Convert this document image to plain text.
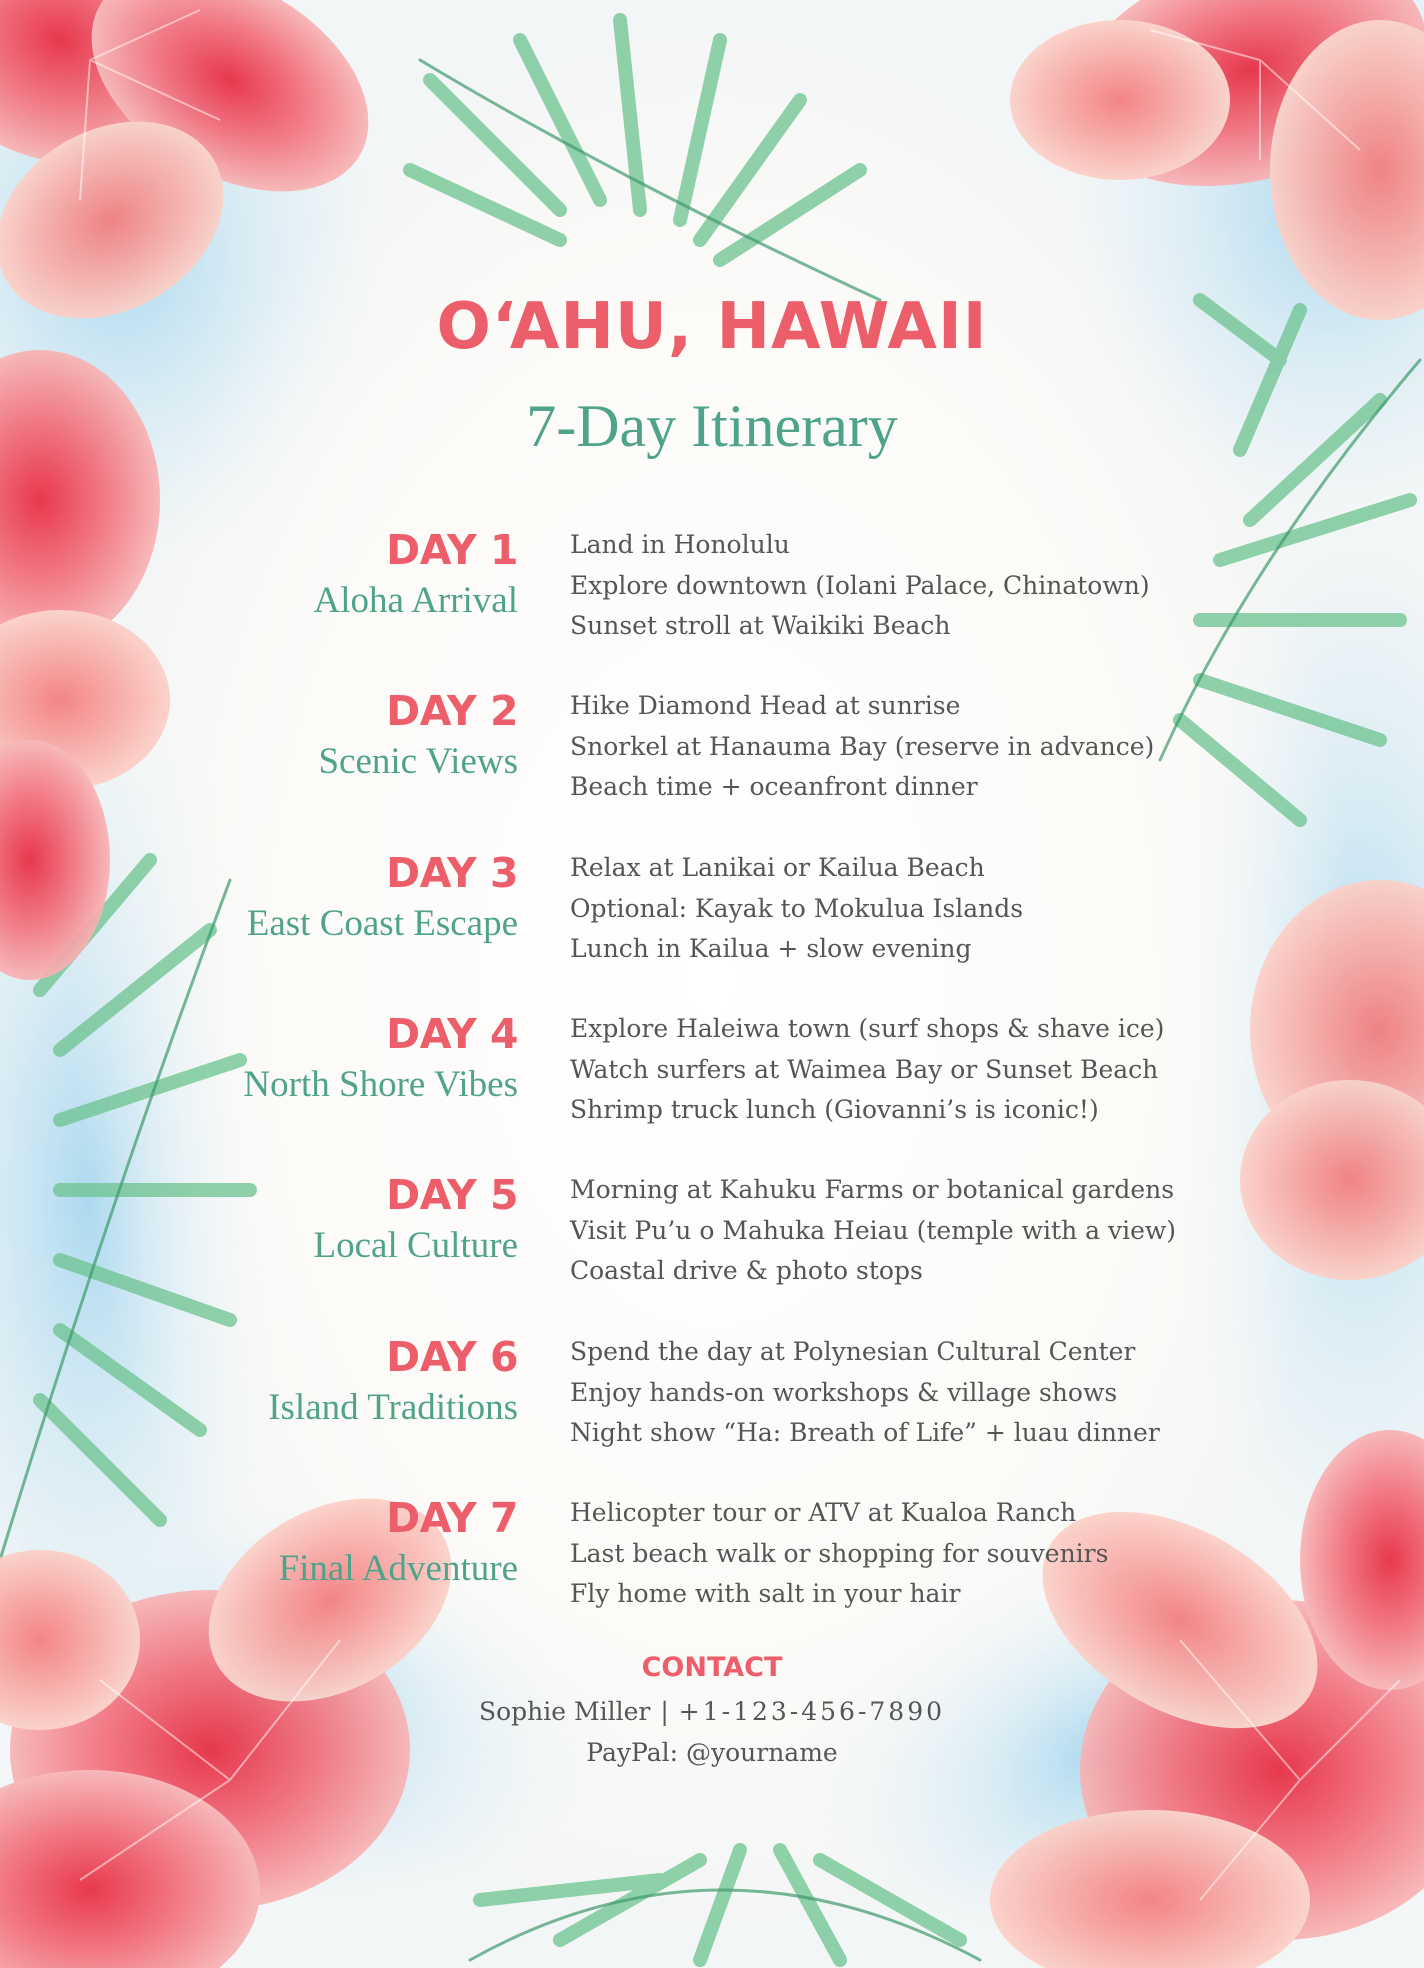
O‘AHU, HAWAII
7-Day Itinerary
DAY 1
Aloha Arrival
Land in Honolulu
Explore downtown (Iolani Palace, Chinatown)
Sunset stroll at Waikiki Beach
DAY 2
Scenic Views
Hike Diamond Head at sunrise
Snorkel at Hanauma Bay (reserve in advance)
Beach time + oceanfront dinner
DAY 3
East Coast Escape
Relax at Lanikai or Kailua Beach
Optional: Kayak to Mokulua Islands
Lunch in Kailua + slow evening
DAY 4
North Shore Vibes
Explore Haleiwa town (surf shops & shave ice)
Watch surfers at Waimea Bay or Sunset Beach
Shrimp truck lunch (Giovanni’s is iconic!)
DAY 5
Local Culture
Morning at Kahuku Farms or botanical gardens
Visit Pu’u o Mahuka Heiau (temple with a view)
Coastal drive & photo stops
DAY 6
Island Traditions
Spend the day at Polynesian Cultural Center
Enjoy hands-on workshops & village shows
Night show “Ha: Breath of Life” + luau dinner
DAY 7
Final Adventure
Helicopter tour or ATV at Kualoa Ranch
Last beach walk or shopping for souvenirs
Fly home with salt in your hair
CONTACT
Sophie Miller | +1-123-456-7890
PayPal: @yourname
